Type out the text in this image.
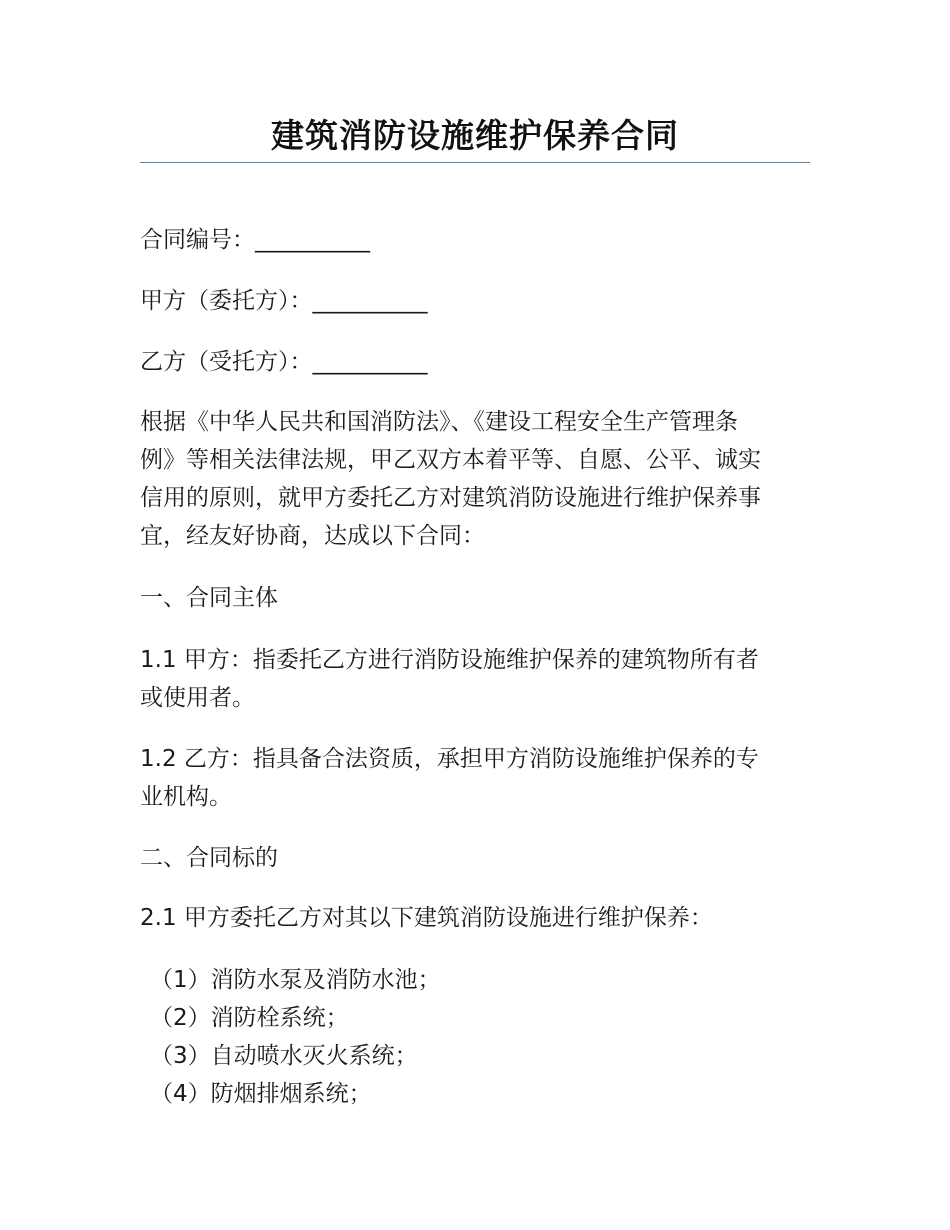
建筑消防设施维护保养合同
合同编号：__________
甲方（委托方）：__________
乙方（受托方）：__________
根据《中华人民共和国消防法》、《建设工程安全生产管理条
例》等相关法律法规，甲乙双方本着平等、自愿、公平、诚实
信用的原则，就甲方委托乙方对建筑消防设施进行维护保养事
宜，经友好协商，达成以下合同：
一、合同主体
1.1 甲方：指委托乙方进行消防设施维护保养的建筑物所有者
或使用者。
1.2 乙方：指具备合法资质，承担甲方消防设施维护保养的专
业机构。
二、合同标的
2.1 甲方委托乙方对其以下建筑消防设施进行维护保养：
（1）消防水泵及消防水池；
（2）消防栓系统；
（3）自动喷水灭火系统；
（4）防烟排烟系统；
